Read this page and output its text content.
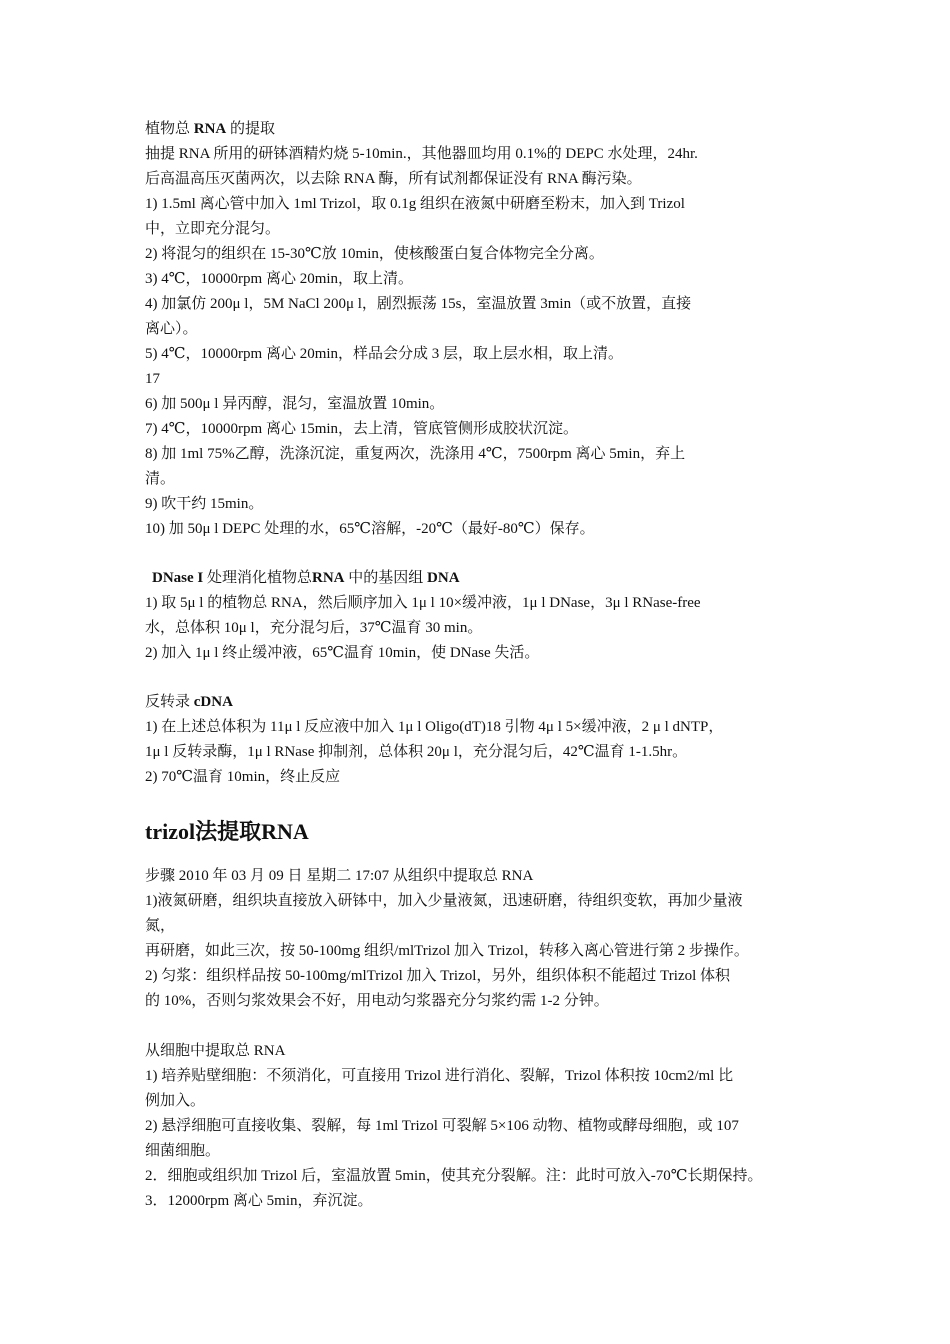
植物总 RNA 的提取
抽提 RNA 所用的研钵酒精灼烧 5-10min.，其他器皿均用 0.1%的 DEPC 水处理，24hr.
后高温高压灭菌两次，以去除 RNA 酶，所有试剂都保证没有 RNA 酶污染。
1) 1.5ml 离心管中加入 1ml Trizol，取 0.1g 组织在液氮中研磨至粉末，加入到 Trizol
中，立即充分混匀。
2) 将混匀的组织在 15-30℃放 10min，使核酸蛋白复合体物完全分离。
3) 4℃，10000rpm 离心 20min，取上清。
4) 加氯仿 200μ l，5M NaCl 200μ l，剧烈振荡 15s，室温放置 3min（或不放置，直接
离心）。
5) 4℃，10000rpm 离心 20min，样品会分成 3 层，取上层水相，取上清。
17
6) 加 500μ l 异丙醇，混匀，室温放置 10min。
7) 4℃，10000rpm 离心 15min，去上清，管底管侧形成胶状沉淀。
8) 加 1ml 75%乙醇，洗涤沉淀，重复两次，洗涤用 4℃，7500rpm 离心 5min，弃上
清。
9) 吹干约 15min。
10) 加 50μ l DEPC 处理的水，65℃溶解，-20℃（最好-80℃）保存。
DNase I 处理消化植物总RNA 中的基因组 DNA
1) 取 5μ l 的植物总 RNA，然后顺序加入 1μ l 10×缓冲液，1μ l DNase，3μ l RNase-free
水，总体积 10μ l，充分混匀后，37℃温育 30 min。
2) 加入 1μ l 终止缓冲液，65℃温育 10min，使 DNase 失活。
反转录 cDNA
1) 在上述总体积为 11μ l 反应液中加入 1μ l Oligo(dT)18 引物 4μ l 5×缓冲液，2 μ l dNTP，
1μ l 反转录酶，1μ l RNase 抑制剂，总体积 20μ l，充分混匀后，42℃温育 1-1.5hr。
2) 70℃温育 10min，终止反应
trizol法提取RNA
步骤 2010 年 03 月 09 日 星期二 17:07 从组织中提取总 RNA
1)液氮研磨，组织块直接放入研钵中，加入少量液氮，迅速研磨，待组织变软，再加少量液
氮，
再研磨，如此三次，按 50-100mg 组织/mlTrizol 加入 Trizol，转移入离心管进行第 2 步操作。
2) 匀浆：组织样品按 50-100mg/mlTrizol 加入 Trizol，另外，组织体积不能超过 Trizol 体积
的 10%，否则匀浆效果会不好，用电动匀浆器充分匀浆约需 1-2 分钟。
从细胞中提取总 RNA
1) 培养贴壁细胞：不须消化，可直接用 Trizol 进行消化、裂解，Trizol 体积按 10cm2/ml 比
例加入。
2) 悬浮细胞可直接收集、裂解，每 1ml Trizol 可裂解 5×106 动物、植物或酵母细胞，或 107
细菌细胞。
2．细胞或组织加 Trizol 后，室温放置 5min，使其充分裂解。注：此时可放入-70℃长期保持。
3．12000rpm 离心 5min，弃沉淀。
